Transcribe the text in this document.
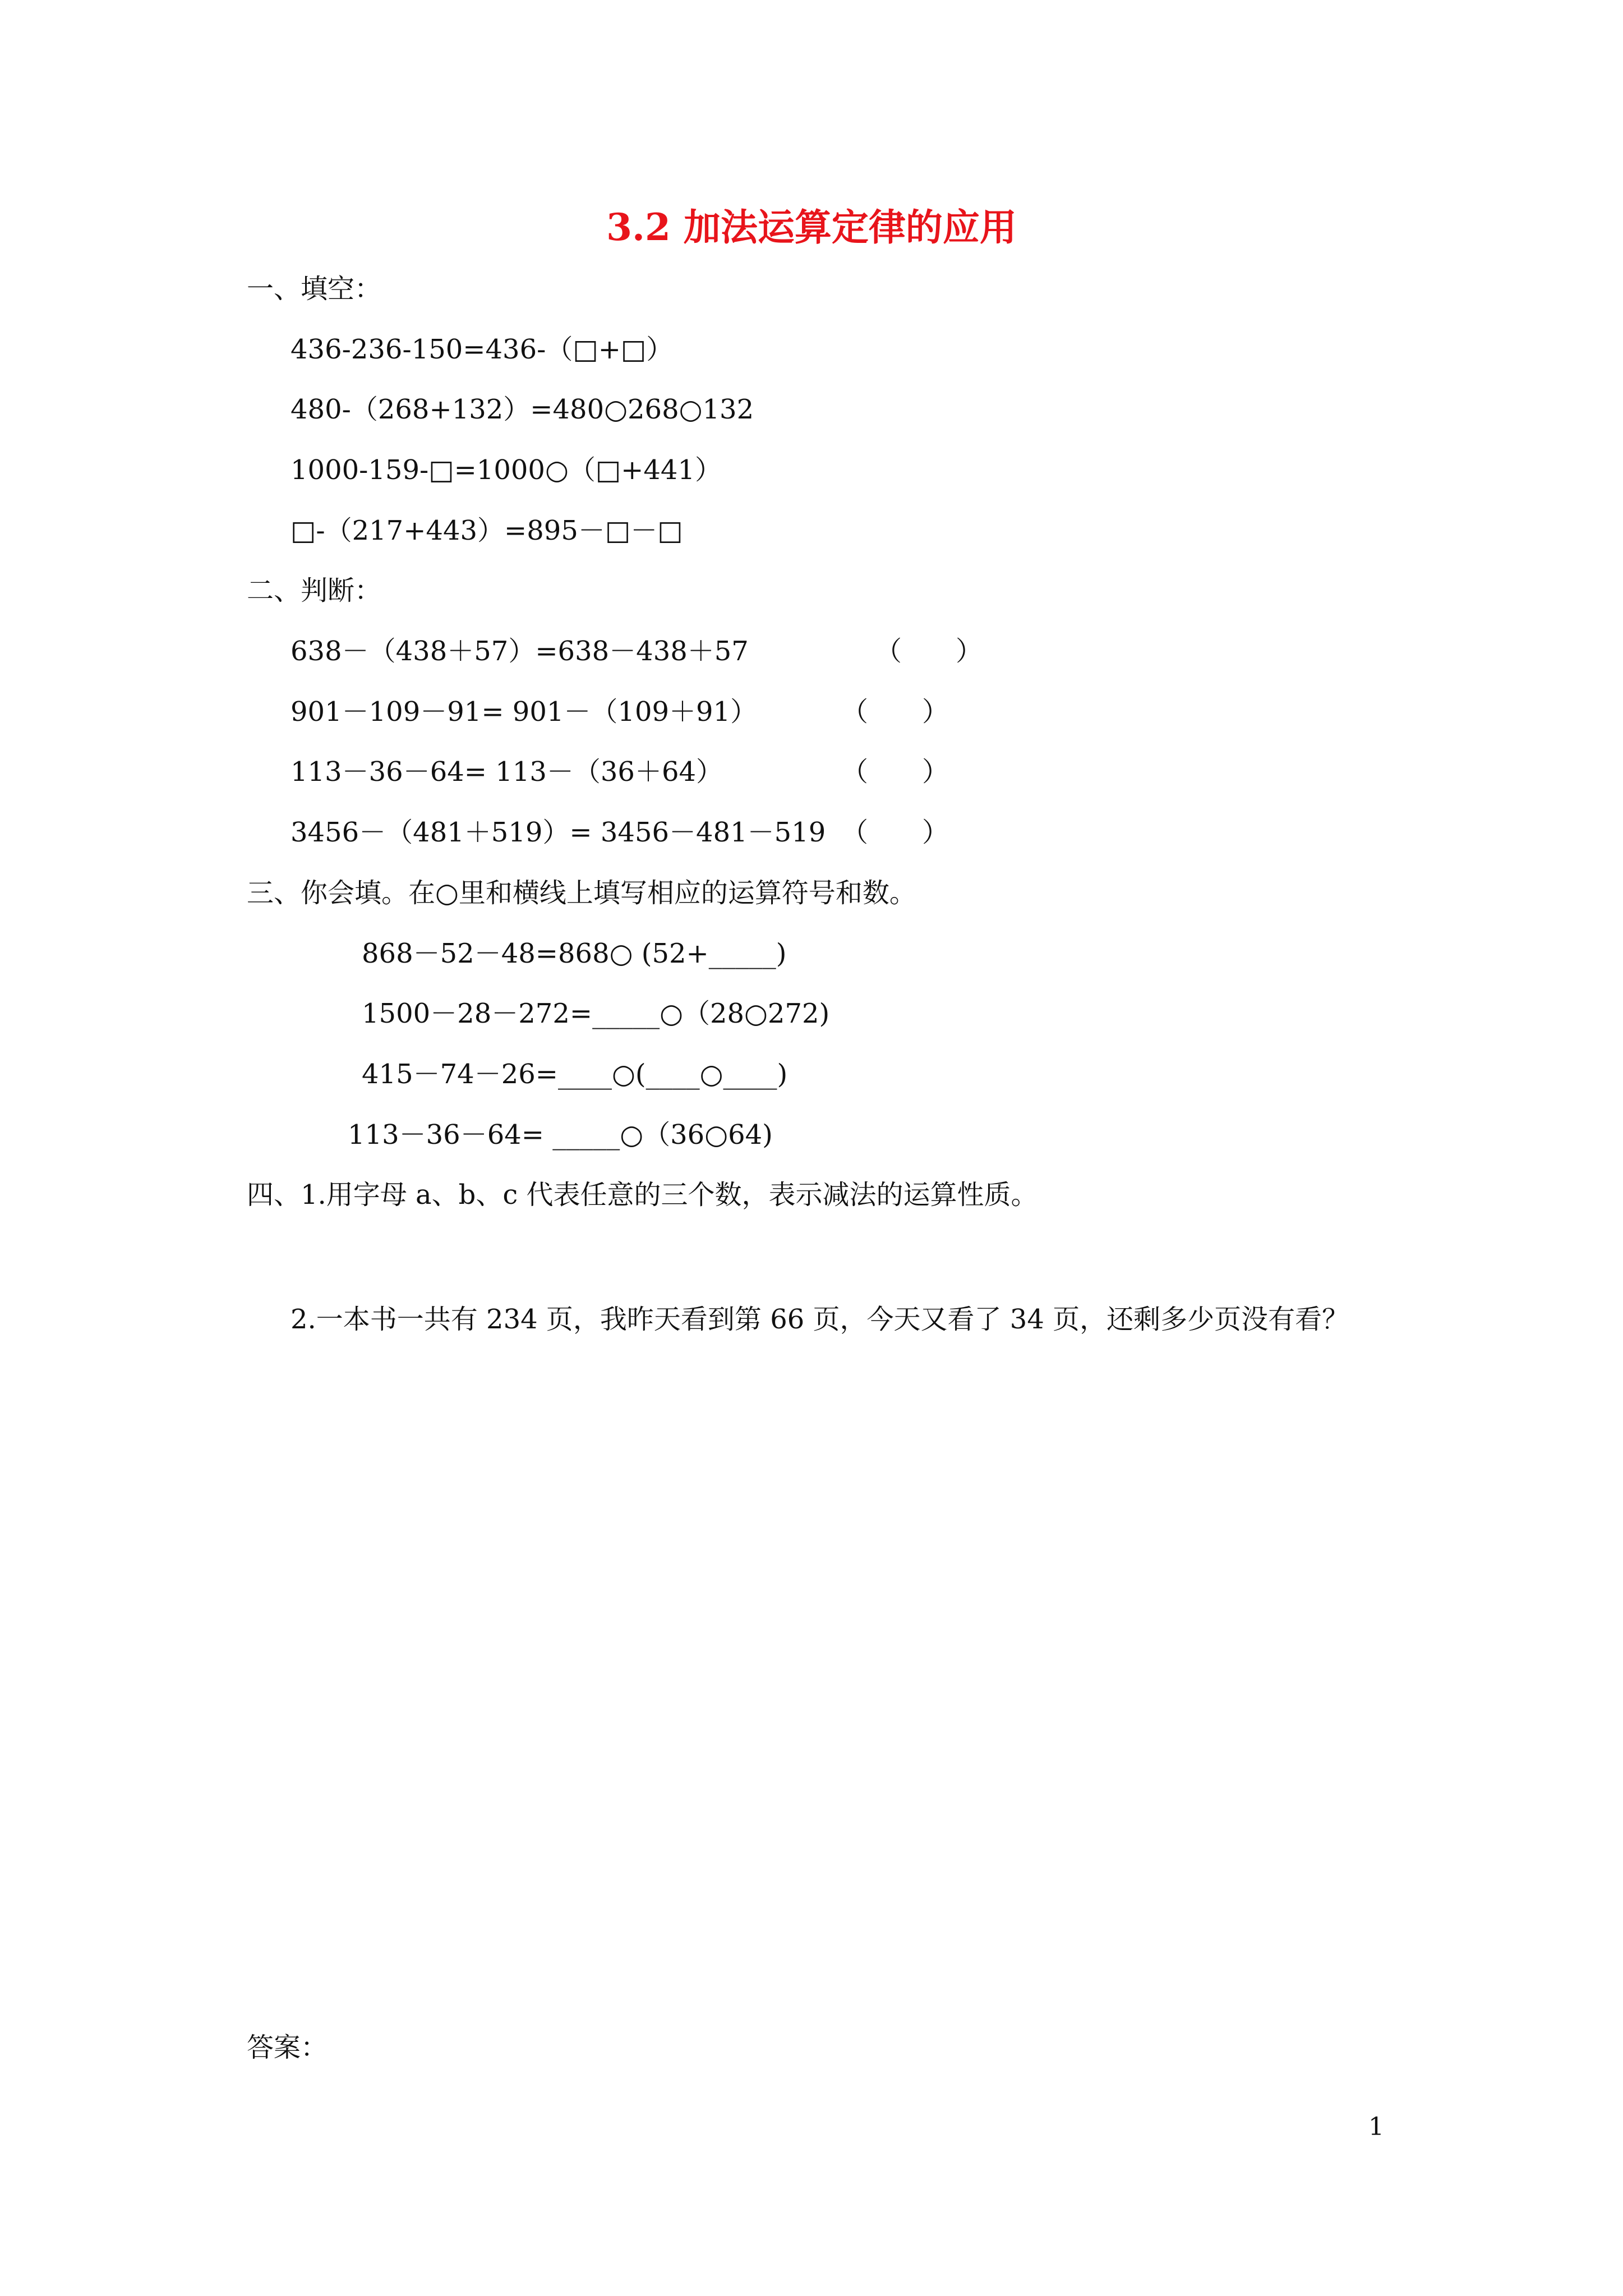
3.2 加法运算定律的应用
一、填空：
436-236-150=436-（□+□）
480-（268+132）=480○268○132
1000-159-□=1000○（□+441）
□-（217+443）=895－□－□
二、判断：
638－（438＋57）=638－438＋57	（　　）
901－109－91= 901－（109＋91）	（　　）
113－36－64= 113－（36＋64）	（　　）
3456－（481＋519）= 3456－481－519 （　　）
三、你会填。在○里和横线上填写相应的运算符号和数。
868－52－48=868○ (52+_____)
1500－28－272=_____○（28○272)
415－74－26=____○(____○____)
113－36－64= _____○（36○64)
四、1.用字母 a、b、c 代表任意的三个数，表示减法的运算性质。
2.一本书一共有 234 页，我昨天看到第 66 页，今天又看了 34 页，还剩多少页没有看？
答案：
1
